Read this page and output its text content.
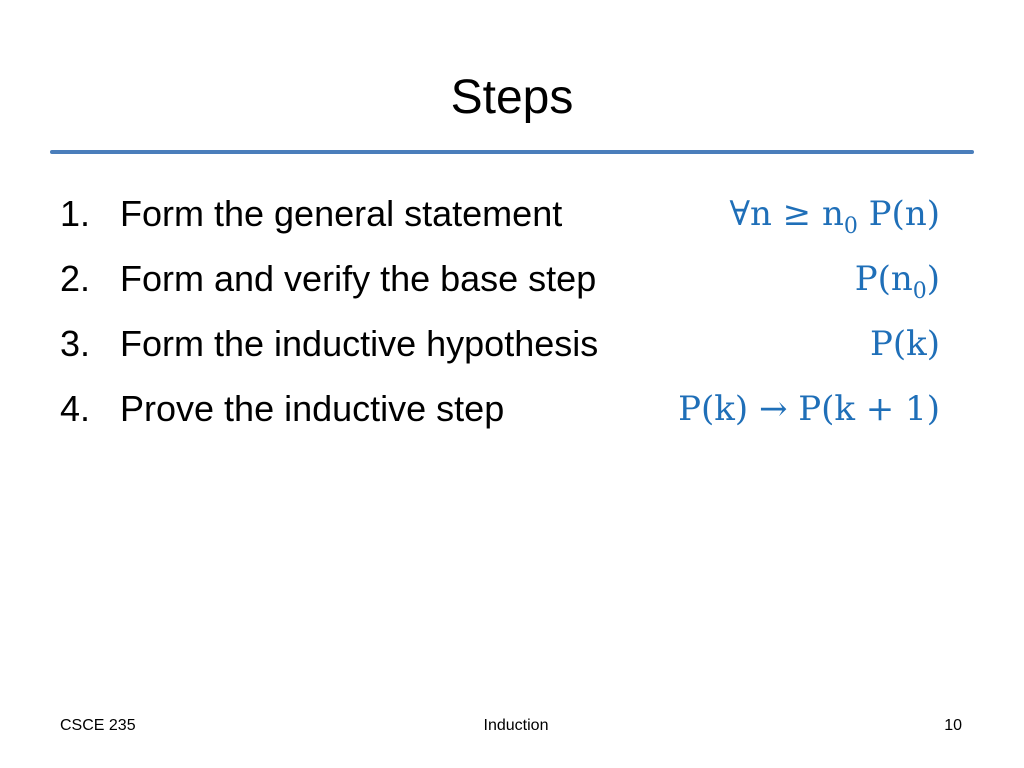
Steps
1. Form the general statement	∀n ≥ $n_0$ P(n)
2. Form and verify the base step	$P(n_0)$
3. Form the inductive hypothesis	P(k)
4. Prove the inductive step	P(k) → P(k + 1)
CSCE 235	Induction	10
